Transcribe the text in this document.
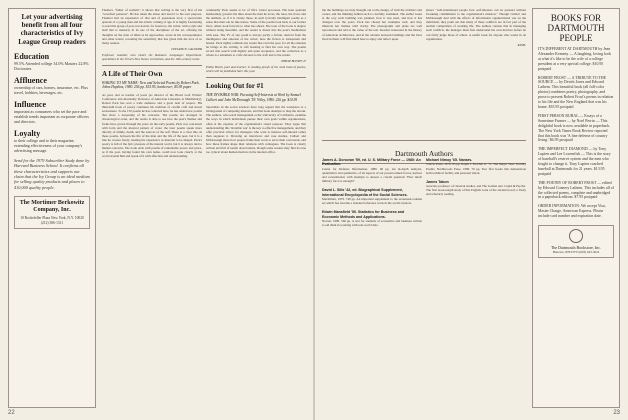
Let your advertising benefit from all four characteristics of Ivy League Group readers
Education
99.5% Attended college 34.0% Masters 22.8% Doctorates
Affluence
ownership of cars, homes, insurance, etc. Plus travel, hobbies, beverages, etc.
Influence
important as consumers who set the pace and establish trends important as corporate officers and directors.
Loyalty
to their college and to their magazine, extending effectiveness of your company's advertising message.
Send for the 1979 Subscriber Study done by Harvard Business School. It confirms all these characteristics and supports our claim that the Ivy Group is an ideal medium for selling quality products and places to 410,000 quality people.
The Mortimer Berkowitz Company, Inc.
10 Rockefeller Plaza New York, N.Y. 10020 (212) 586-1311
Flaubert, "father of realism"; it shows that writing is the very first of his "wretched passions". He has taken the abuse and used it to his own purpose. Flaubert had an experience of that and of passionate love; a spectacular episode of a young man and his artistic coming of age. It is highly fascinating to read this group of post-war novels, for Guerrero, the writer, with a style and skill that is masterly in its use of the disciplines of the art, offering his thoughts on the state of mind as he approaches, wrote in his correspondence and other letters; revealing the sensitivity that has given him the love of so many readers.
LEYLAND E. GAULDER
Professor Gaulder, who chairs the Romance Languages Department, specializes in the French New Novel, surrealism, and the 19th-century novel.
A Life of Their Own
WAKING TO MY NAME: New and Selected Poems by Robert Pack. Johns Hopkins, 1980. 256 pp. $15.95, hardcover; $5.95 paper
As poet, and as teacher of poets (as director of the Bread Loaf Writers' Conference and Abernethy Professor of American Literature at Middlebury), Robert Pack has won a wide audience and a great deal of respect. His thirteenth book of poetry continues his tradition of careful craft and moral seriousness. To the 150 poems he has collected here, he has added new poems that show a deepening of his concerns. The poems are arranged in chronological order, and the reader is able to see how the poet's themes and forms have grown through the years. In the early poems, Pack was concerned with form and the musical pattern of verse; the later poems speak more directly of family, death, and the sources of the self. There is a clear line, in these poems, between the life of the man and the life of the poet, but it is a line he crosses freely, treating his experience as material to be shaped. Pack's poetry is full of the lyric pleasure of the natural world, but it is always tied to human concerns. The book ends with poems of remarkable power and grace, as if the poet, having found his own name, could now look clearly at the world around him and speak of it with affection and understanding.
continually Pack seems to be of life's varied processes. His least quatrain handsomely governs his lines about the men he loves, the trees, the rivers and the animals, as if it is clearly these, in such lyrically intelligent poems as a sense that men can be like nature. Some of the poems look back to our former lives; others look forward to what lies ahead. The tone of the book is elegiac without being mournful, and the reader is drawn into the poet's meditations with ease. The TV of any poem is always partly a fiction, derived from the intelligence and emotion of the writer; here the fiction is transparent and honest. Pack rightly reminds any reader that even the poet, for all the emotion he brings to his writing, is still learning to find his own way. The poems record that search with dignity and quiet eloquence, and the collection as a whole is a testament to a life devoted to the craft and to the reader.
PHILIP BOOTH '47
Philip Booth, poet and teacher, is reading proofs of the sixth book of poems, which will be published later this year.
Looking Out for #1
THE INVISIBLE WAR: Pursuing Self-Interests at Work by Samuel Culbert and John McDonough '59. Wiley, 1980. 226 pp. $14.95
Specialists in the social sciences have long argued that the workplace is a battleground of competing interests, and this book attempts to map the terrain. The authors, who teach management at the University of California, examine the ways in which individuals pursue their own goals within organizations, often at the expense of the organization's stated purpose. They argue that understanding this 'invisible war' is the key to effective management, and they offer practical advice for managers who want to harness self-interest rather than suppress it. Drawing on interviews and case studies, Culbert and McDonough show how people frame their work to serve their own needs, and how these frames shape their relations with colleagues. The book is clearly written and full of useful observations, though some readers may find its tone too cynical about human motives in the modern office.
22
but the buildings are truly thought out to the design, of both the architect and owner, and the thinking behind each is carefully examined. The author looks at the way each building was planned, how it was used, and how it has changed over the years. Pack has chosen her examples well, and they illustrate her themes with clarity. The photographs and plans are well reproduced and add to the value of the text. Readers interested in the history of American architecture, and in the relation between buildings and the lives lived in them, will find much here to enjoy and reflect upon.
shows "well-intentioned people how self-interests can be pursued without forsaking commitment to the organization's mission." Though Culbert and McDonough deal with the effects of information organizational war on the individual, they point out that many of these conflicts are in fact part of the normal competition of working life. The authors caution that in managing such conflicts, the manager must first understand his own motives before he can fairly judge those of others. A useful book for anyone who works in an organization.
R.H.B.
Dartmouth Authors
James A. Donovan '59, ed. U. S. Military Force — 1980: An Evaluation.
Center for Defense Information, 1980. 96 pp. An in-depth analysis, quantitative and qualitative, of all aspects of our present armed forces, nuclear and conventional, with attempts to answer a crucial question: 'How much military force is enough?'
David L. Sills '42, ed. Biographical Supplement, International Encyclopedia of the Social Sciences.
Macmillan, 1979. 748 pp. An important supplement to the seventeen-volume set which has become a standard reference work in the social sciences.
Edwin Mansfield '50. Statistics for Business and Economic Methods and Applications.
Norton, 1980. 560 pp. A text for students of economics and business written to aid them in working with real-world data.
Michael Nimoy '65. Nanars.
Triacle Press, 1979. 95 pp. Ralph J. Fletcher Jr. '71. The Magic Vase: Fertility Poems. Northwoods Press, 1980. 76 pp. Two first books that demonstrate both technical facility and personal vision.
James Tatum
associate professor of classical studies, and The Golden Ass: Cupid & Psyche. The first book-length study of this English work of the ancient novel; a lively and scholarly reading.
BOOKS FOR DARTMOUTH PEOPLE
IT'S DIFFERENT AT DARTMOUTH by Jean Alexander Kemeny — A laughing, loving look at what it's like to be the wife of a college president at a very special college. $10.95 postpaid
ROBERT FROST — A TRIBUTE TO THE SOURCE — by Dewitt Jones and Edward Lathem. This beautiful book (all full-color photos) combines poetry, photography, and prose to present Robert Frost's poems in relation to his life and the New England that was his home. $35.95 postpaid
FIRST PERSON RURAL — Essays of a Sometime Farmer — by Noel Perrin — This delightful book is now available in paperback. The New York Times Book Review reported that this book was 'A fine defense of country living.' $6.95 postpaid
THE IMPERFECT DIAMOND — by Tony Lupien and Lee Lowenfish — This is the story of baseball's reserve system and the men who fought to change it. Tony Lupien coached baseball at Dartmouth for 21 years. $13.95 postpaid
THE POETRY OF ROBERT FROST — edited by Edward Connery Lathem. This includes all of the collected poems, complete and unabridged in a paperback edition. $7.95 postpaid
ORDER INFORMATION: We accept Visa, Master Charge, American Express. Please include card number and expiration date.
The Dartmouth Bookstore, Inc.
Hanover, NH 03755 (603) 643-3616
23
